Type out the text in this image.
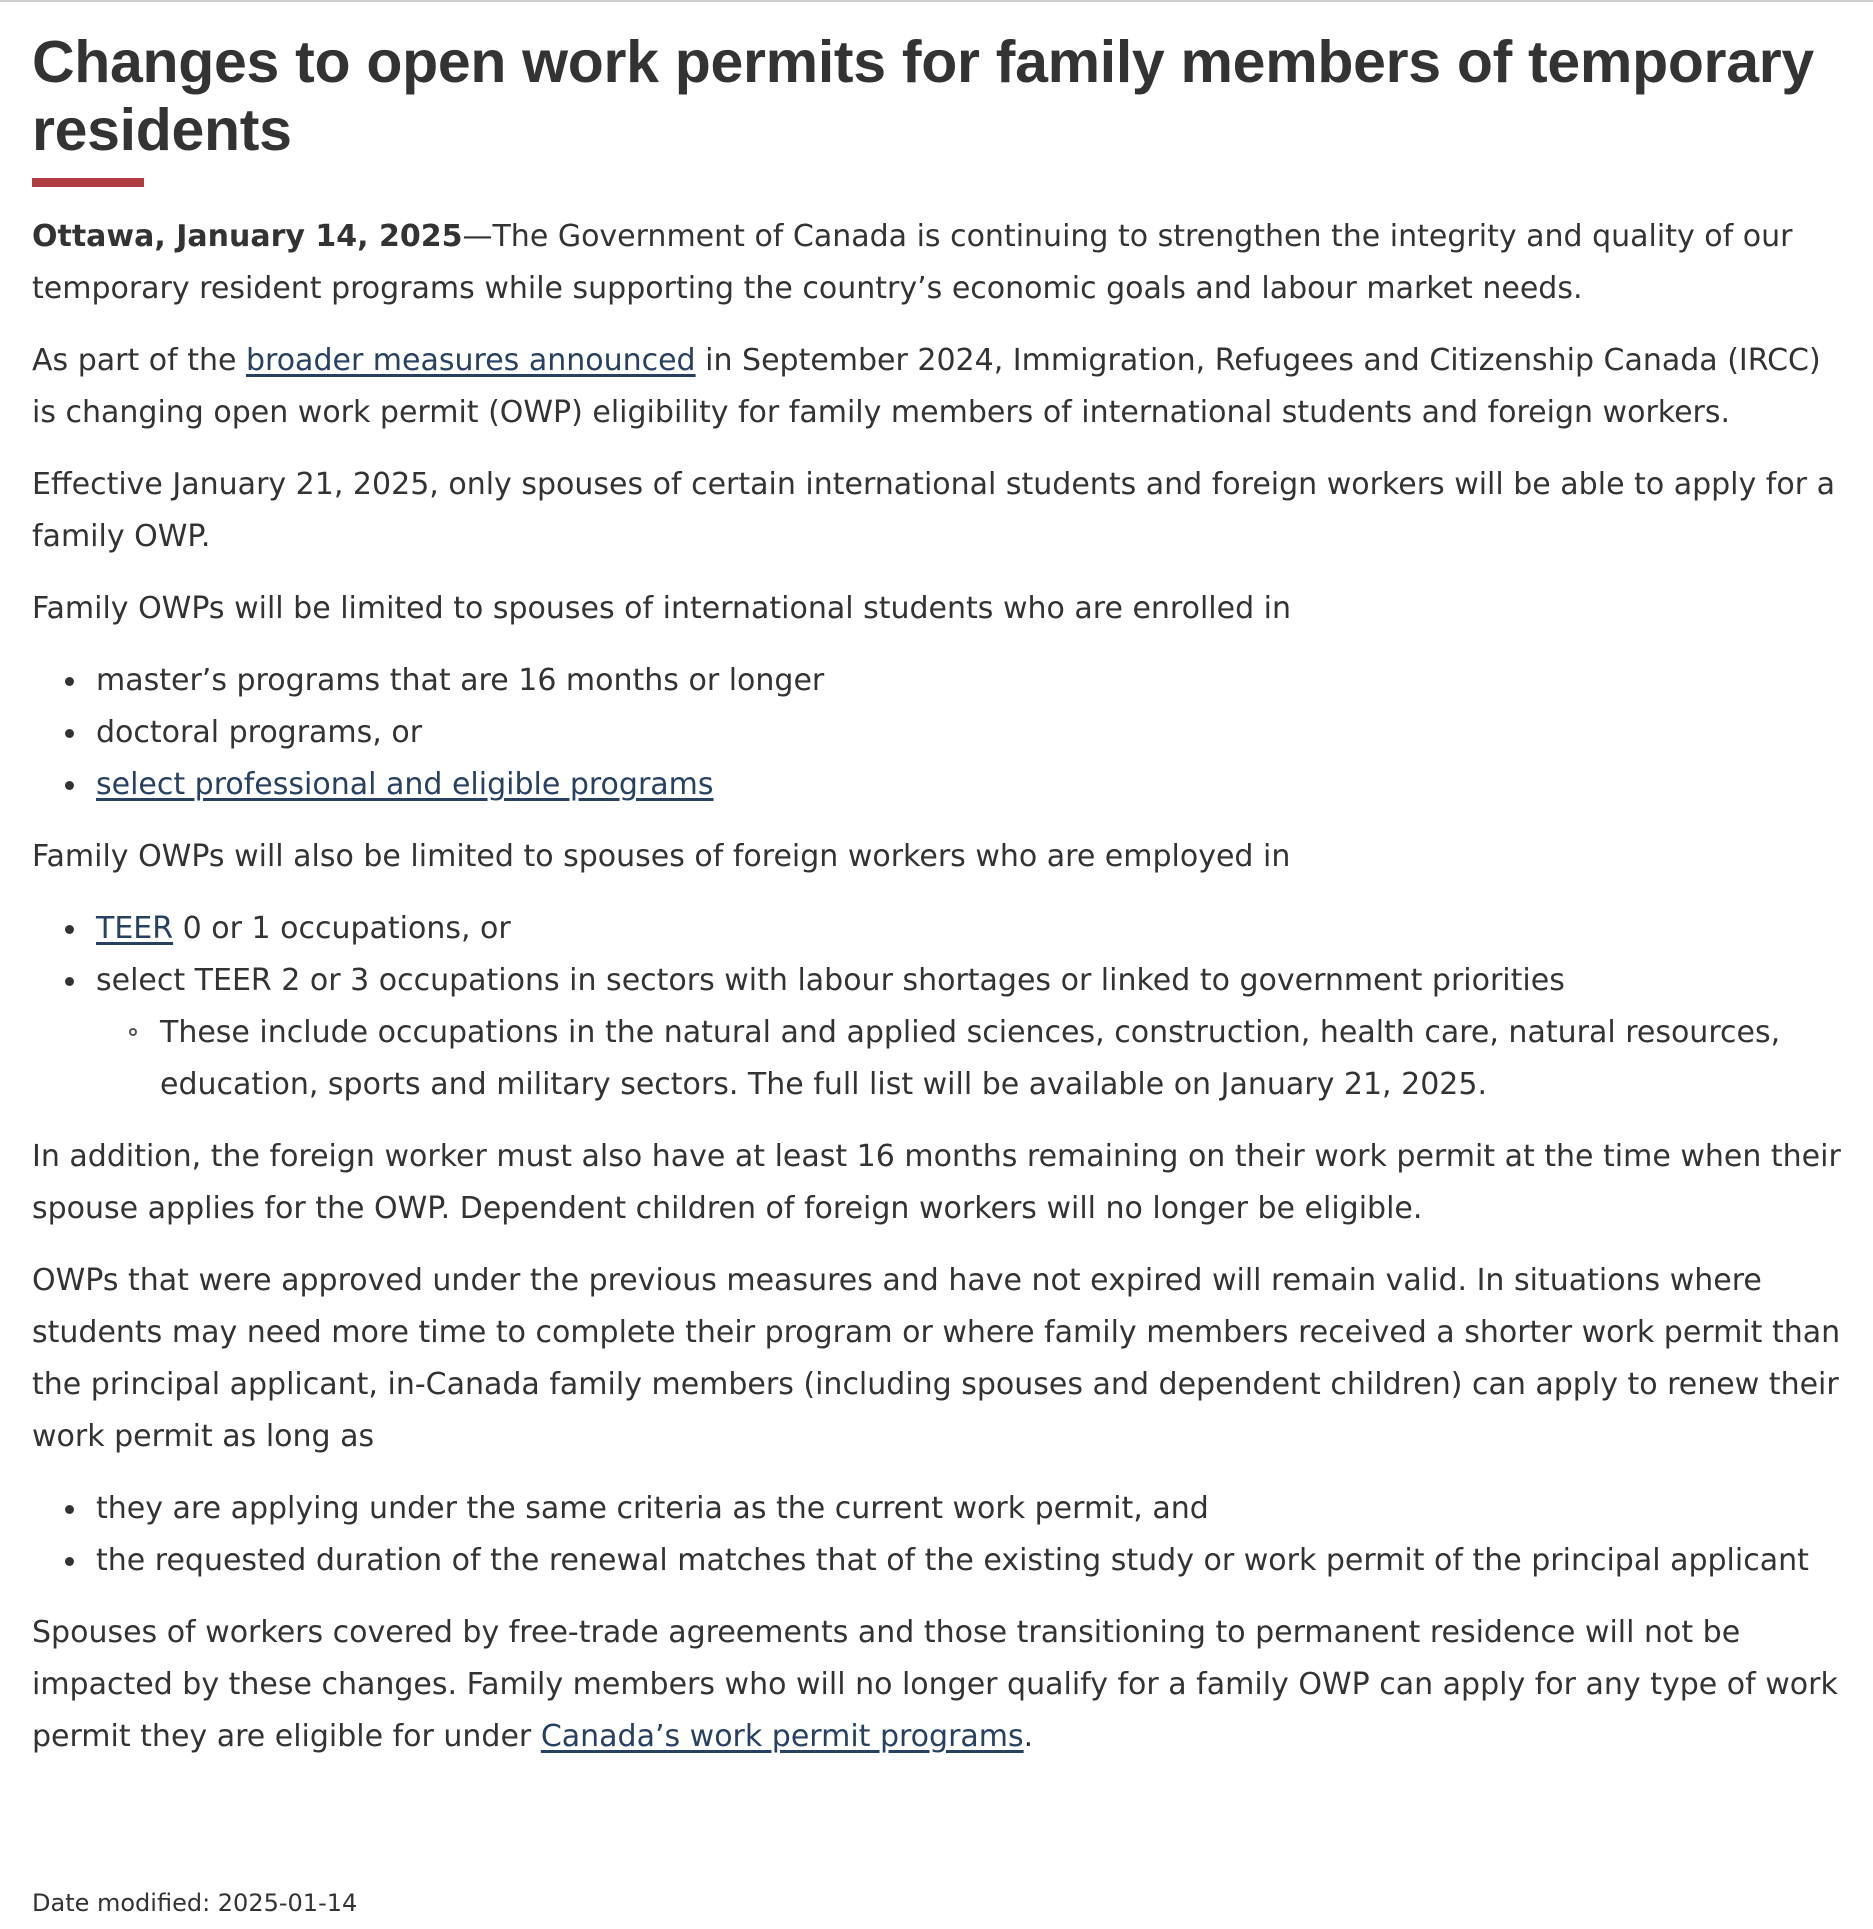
Changes to open work permits for family members of temporary residents

Ottawa, January 14, 2025—The Government of Canada is continuing to strengthen the integrity and quality of our temporary resident programs while supporting the country’s economic goals and labour market needs.

As part of the broader measures announced in September 2024, Immigration, Refugees and Citizenship Canada (IRCC) is changing open work permit (OWP) eligibility for family members of international students and foreign workers.

Effective January 21, 2025, only spouses of certain international students and foreign workers will be able to apply for a family OWP.

Family OWPs will be limited to spouses of international students who are enrolled in

master’s programs that are 16 months or longer
doctoral programs, or
select professional and eligible programs

Family OWPs will also be limited to spouses of foreign workers who are employed in

TEER 0 or 1 occupations, or
select TEER 2 or 3 occupations in sectors with labour shortages or linked to government priorities
These include occupations in the natural and applied sciences, construction, health care, natural resources, education, sports and military sectors. The full list will be available on January 21, 2025.

In addition, the foreign worker must also have at least 16 months remaining on their work permit at the time when their spouse applies for the OWP. Dependent children of foreign workers will no longer be eligible.

OWPs that were approved under the previous measures and have not expired will remain valid. In situations where students may need more time to complete their program or where family members received a shorter work permit than the principal applicant, in-Canada family members (including spouses and dependent children) can apply to renew their work permit as long as

they are applying under the same criteria as the current work permit, and
the requested duration of the renewal matches that of the existing study or work permit of the principal applicant

Spouses of workers covered by free-trade agreements and those transitioning to permanent residence will not be impacted by these changes. Family members who will no longer qualify for a family OWP can apply for any type of work permit they are eligible for under Canada’s work permit programs.

Date modified: 2025-01-14
